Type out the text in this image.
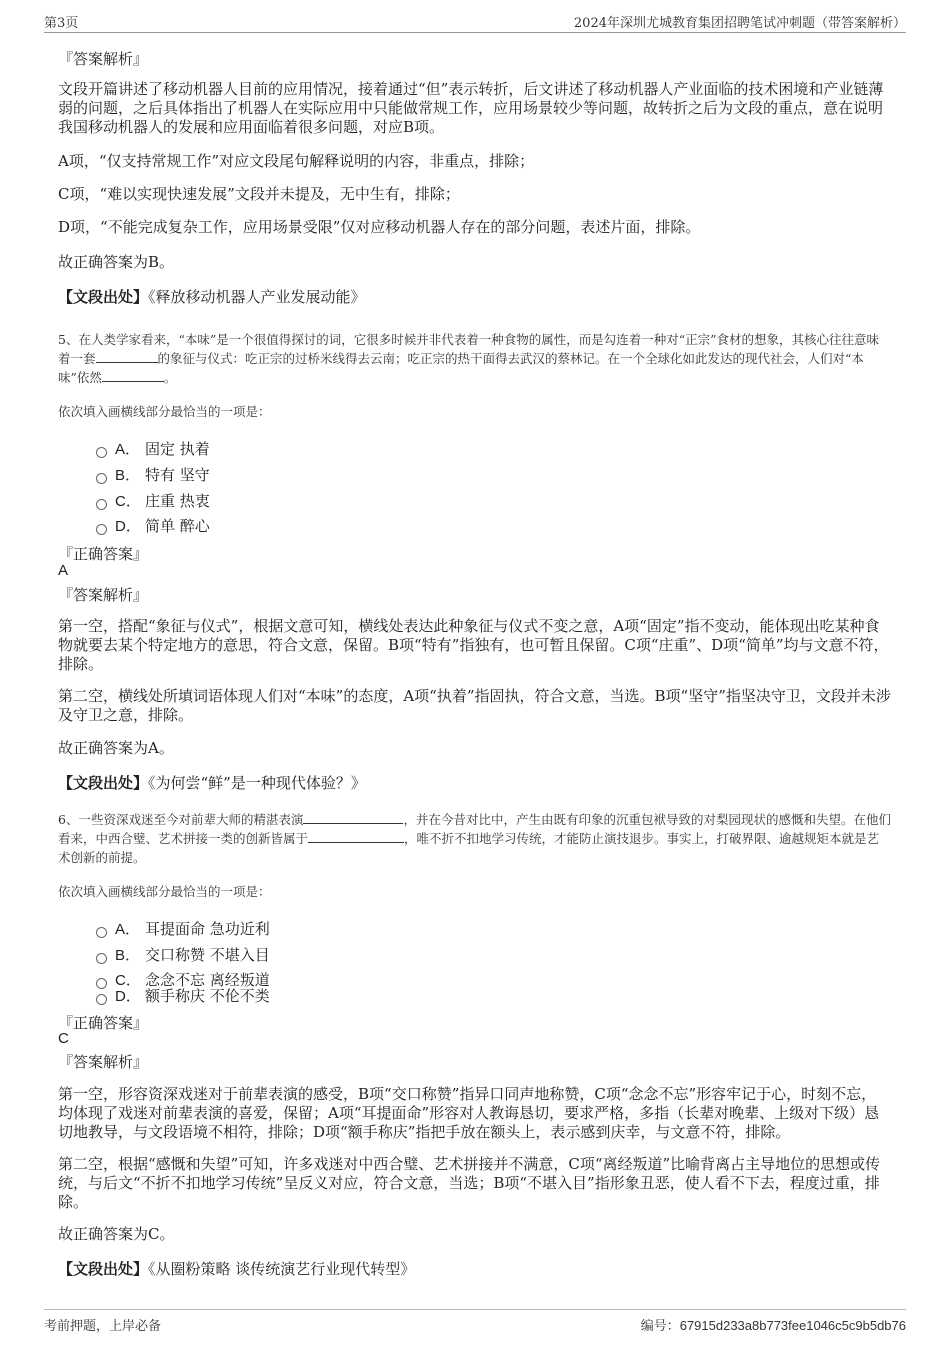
第3页	2024年深圳尤城教育集团招聘笔试冲刺题（带答案解析）
『答案解析』
文段开篇讲述了移动机器人目前的应用情况，接着通过“但”表示转折，后文讲述了移动机器人产业面临的技术困境和产业链薄弱的问题，之后具体指出了机器人在实际应用中只能做常规工作，应用场景较少等问题，故转折之后为文段的重点，意在说明我国移动机器人的发展和应用面临着很多问题，对应B项。
A项，“仅支持常规工作”对应文段尾句解释说明的内容，非重点，排除；
C项，“难以实现快速发展”文段并未提及，无中生有，排除；
D项，“不能完成复杂工作，应用场景受限”仅对应移动机器人存在的部分问题，表述片面，排除。
故正确答案为B。
【文段出处】《释放移动机器人产业发展动能》
5、在人类学家看来，“本味”是一个很值得探讨的词，它很多时候并非代表着一种食物的属性，而是勾连着一种对“正宗”食材的想象，其核心往往意味着一套	的象征与仪式：吃正宗的过桥米线得去云南；吃正宗的热干面得去武汉的蔡林记。在一个全球化如此发达的现代社会，人们对“本味”依然	。
依次填入画横线部分最恰当的一项是：
A． 固定 执着
B． 特有 坚守
C． 庄重 热衷
D． 简单 醉心
『正确答案』
A
『答案解析』
第一空，搭配“象征与仪式”，根据文意可知，横线处表达此种象征与仪式不变之意，A项“固定”指不变动，能体现出吃某种食物就要去某个特定地方的意思，符合文意，保留。B项“特有”指独有，也可暂且保留。C项“庄重”、D项“简单”均与文意不符，排除。
第二空，横线处所填词语体现人们对“本味”的态度，A项“执着”指固执，符合文意，当选。B项“坚守”指坚决守卫，文段并未涉及守卫之意，排除。
故正确答案为A。
【文段出处】《为何尝“鲜”是一种现代体验？》
6、一些资深戏迷至今对前辈大师的精湛表演	，并在今昔对比中，产生由既有印象的沉重包袱导致的对梨园现状的感慨和失望。在他们看来，中西合璧、艺术拼接一类的创新皆属于	，唯不折不扣地学习传统，才能防止演技退步。事实上，打破界限、逾越规矩本就是艺术创新的前提。
依次填入画横线部分最恰当的一项是：
A． 耳提面命 急功近利
B． 交口称赞 不堪入目
C． 念念不忘 离经叛道
D． 额手称庆 不伦不类
『正确答案』
C
『答案解析』
第一空，形容资深戏迷对于前辈表演的感受，B项“交口称赞”指异口同声地称赞，C项“念念不忘”形容牢记于心，时刻不忘，均体现了戏迷对前辈表演的喜爱，保留；A项“耳提面命”形容对人教诲恳切，要求严格，多指（长辈对晚辈、上级对下级）恳切地教导，与文段语境不相符，排除；D项“额手称庆”指把手放在额头上，表示感到庆幸，与文意不符，排除。
第二空，根据“感慨和失望”可知，许多戏迷对中西合璧、艺术拼接并不满意，C项“离经叛道”比喻背离占主导地位的思想或传统，与后文“不折不扣地学习传统”呈反义对应，符合文意，当选；B项“不堪入目”指形象丑恶，使人看不下去，程度过重，排除。
故正确答案为C。
【文段出处】《从圈粉策略 谈传统演艺行业现代转型》
考前押题，上岸必备	编号：67915d233a8b773fee1046c5c9b5db76
